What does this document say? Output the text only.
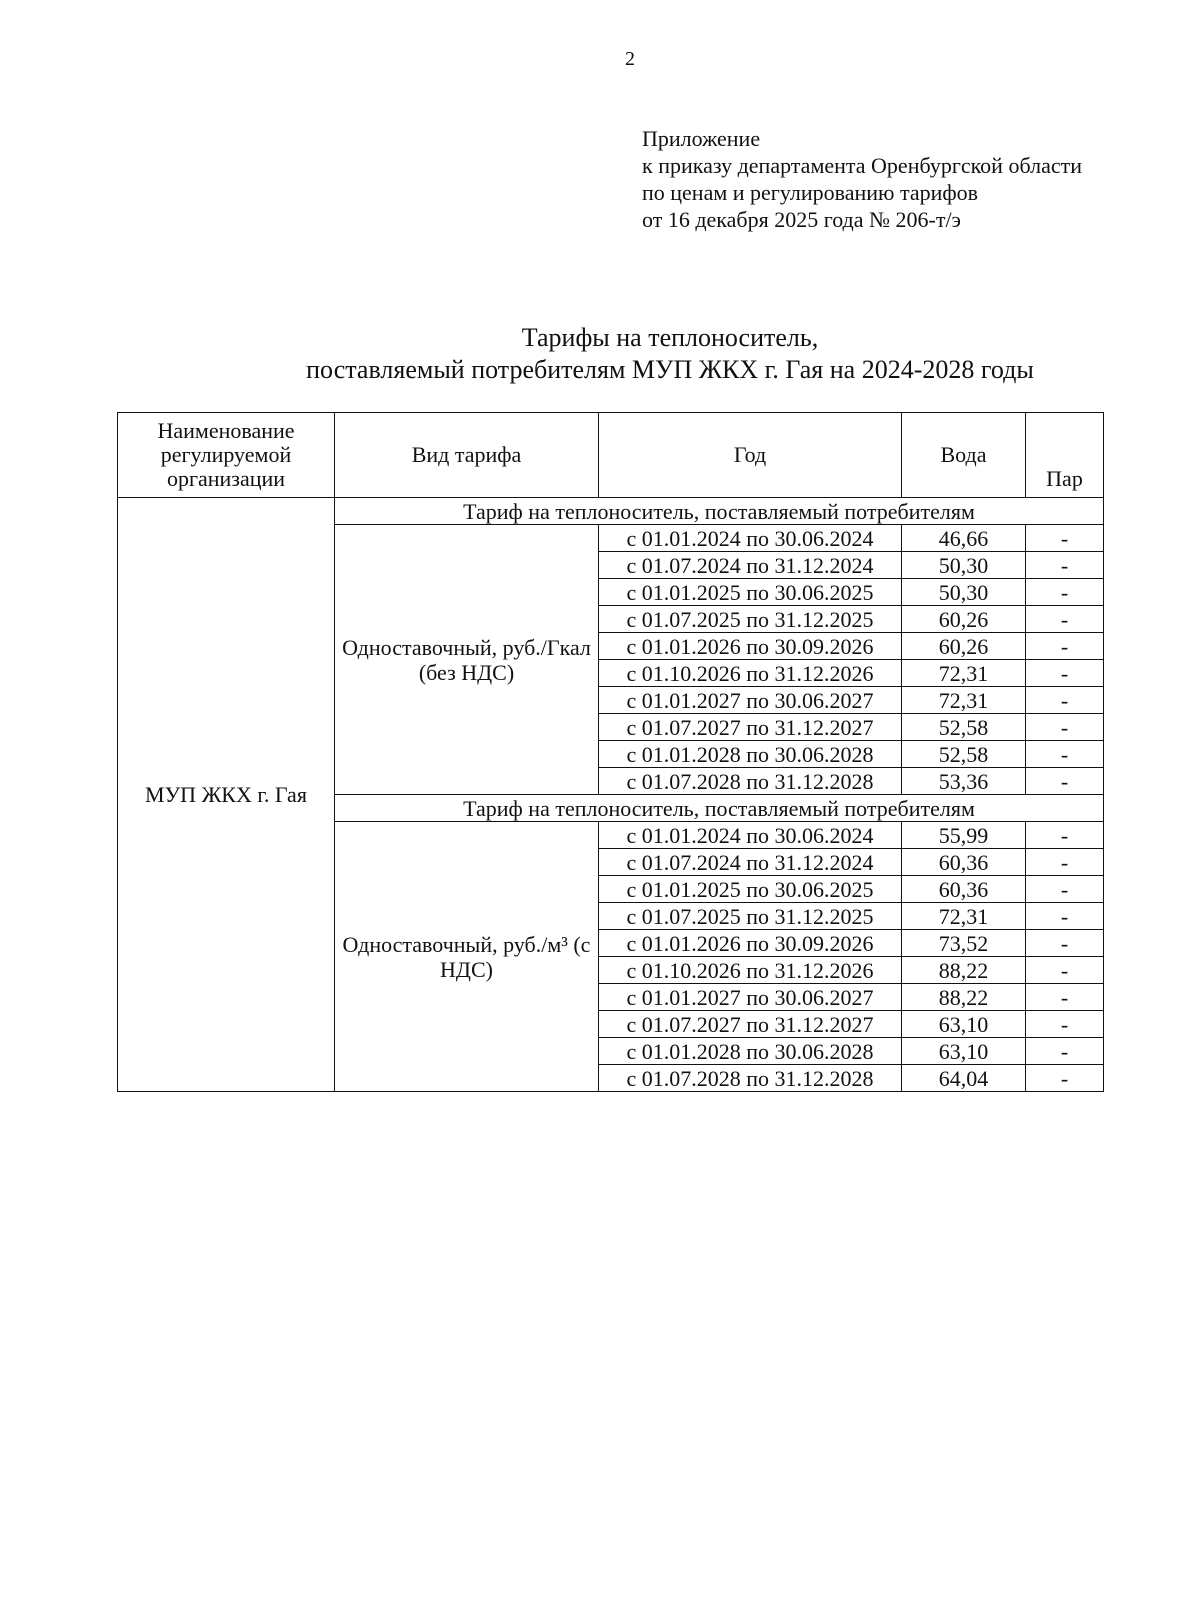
2
Приложение
к приказу департамента Оренбургской области
по ценам и регулированию тарифов
от 16 декабря 2025 года № 206-т/э
Тарифы на теплоноситель,
поставляемый потребителям МУП ЖКХ г. Гая на 2024-2028 годы
Наименование регулируемой организации	Вид тарифа	Год	Вода	Пар
МУП ЖКХ г. Гая	Тариф на теплоноситель, поставляемый потребителям			
	Одноставочный, руб./Гкал (без НДС)	с 01.01.2024 по 30.06.2024	46,66	-
		с 01.07.2024 по 31.12.2024	50,30	-
		с 01.01.2025 по 30.06.2025	50,30	-
		с 01.07.2025 по 31.12.2025	60,26	-
		с 01.01.2026 по 30.09.2026	60,26	-
		с 01.10.2026 по 31.12.2026	72,31	-
		с 01.01.2027 по 30.06.2027	72,31	-
		с 01.07.2027 по 31.12.2027	52,58	-
		с 01.01.2028 по 30.06.2028	52,58	-
		с 01.07.2028 по 31.12.2028	53,36	-
	Тариф на теплоноситель, поставляемый потребителям			
	Одноставочный, руб./м³ (с НДС)	с 01.01.2024 по 30.06.2024	55,99	-
		с 01.07.2024 по 31.12.2024	60,36	-
		с 01.01.2025 по 30.06.2025	60,36	-
		с 01.07.2025 по 31.12.2025	72,31	-
		с 01.01.2026 по 30.09.2026	73,52	-
		с 01.10.2026 по 31.12.2026	88,22	-
		с 01.01.2027 по 30.06.2027	88,22	-
		с 01.07.2027 по 31.12.2027	63,10	-
		с 01.01.2028 по 30.06.2028	63,10	-
		с 01.07.2028 по 31.12.2028	64,04	-
